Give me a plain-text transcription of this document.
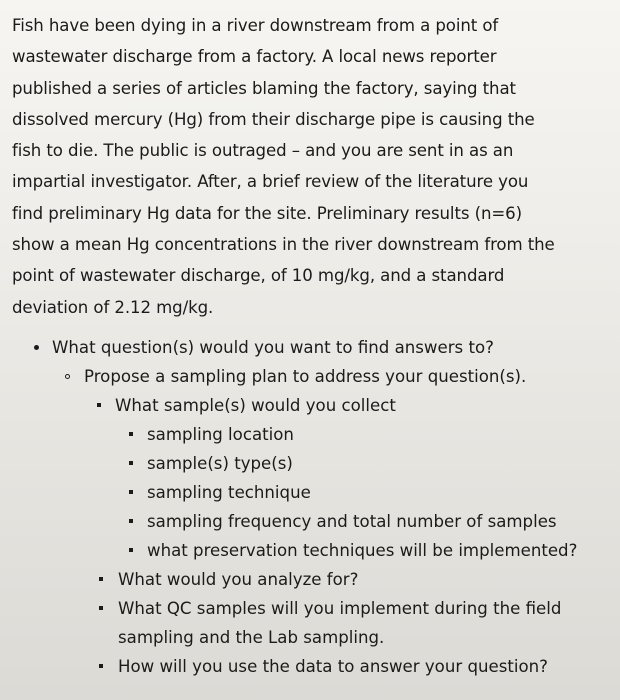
Fish have been dying in a river downstream from a point of
wastewater discharge from a factory. A local news reporter
published a series of articles blaming the factory, saying that
dissolved mercury (Hg) from their discharge pipe is causing the
fish to die. The public is outraged – and you are sent in as an
impartial investigator. After, a brief review of the literature you
find preliminary Hg data for the site. Preliminary results (n=6)
show a mean Hg concentrations in the river downstream from the
point of wastewater discharge, of 10 mg/kg, and a standard
deviation of 2.12 mg/kg.
What question(s) would you want to find answers to?
Propose a sampling plan to address your question(s).
What sample(s) would you collect
sampling location
sample(s) type(s)
sampling technique
sampling frequency and total number of samples
what preservation techniques will be implemented?
What would you analyze for?
What QC samples will you implement during the field
sampling and the Lab sampling.
How will you use the data to answer your question?
